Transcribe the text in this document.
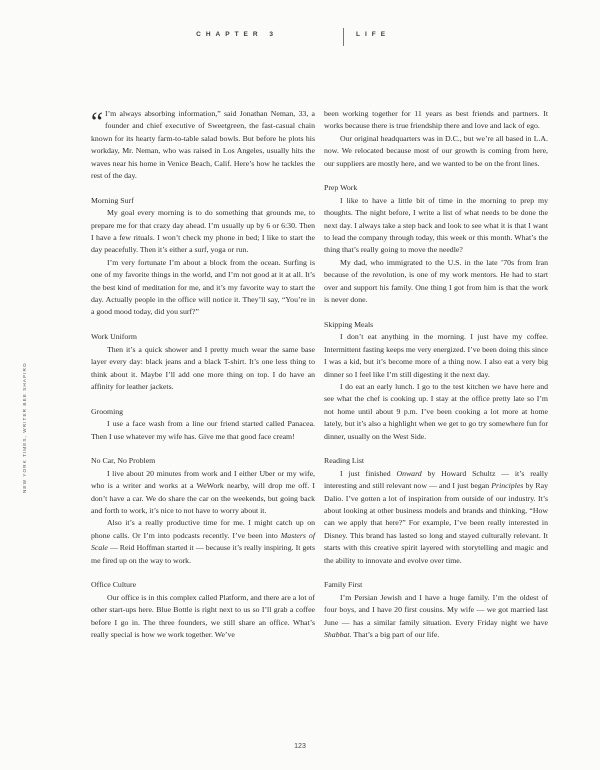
CHAPTER 3	LIFE
NEW YORK TIMES, WRITER BEE SHAPIRO

“ I’m always absorbing information,” said Jonathan Neman, 33, a founder and chief executive of Sweetgreen, the fast-casual chain known for its hearty farm-to-table salad bowls. But before he plots his workday, Mr. Neman, who was raised in Los Angeles, usually hits the waves near his home in Venice Beach, Calif. Here’s how he tackles the rest of the day.

Morning Surf

My goal every morning is to do something that grounds me, to prepare me for that crazy day ahead. I’m usually up by 6 or 6:30. Then I have a few rituals. I won’t check my phone in bed; I like to start the day peacefully. Then it’s either a surf, yoga or run.

I’m very fortunate I’m about a block from the ocean. Surfing is one of my favorite things in the world, and I’m not good at it at all. It’s the best kind of meditation for me, and it’s my favorite way to start the day. Actually people in the office will notice it. They’ll say, “You’re in a good mood today, did you surf?”

Work Uniform

Then it’s a quick shower and I pretty much wear the same base layer every day: black jeans and a black T-shirt. It’s one less thing to think about it. Maybe I’ll add one more thing on top. I do have an affinity for leather jackets.

Grooming

I use a face wash from a line our friend started called Panacea. Then I use whatever my wife has. Give me that good face cream!

No Car, No Problem

I live about 20 minutes from work and I either Uber or my wife, who is a writer and works at a WeWork nearby, will drop me off. I don’t have a car. We do share the car on the weekends, but going back and forth to work, it’s nice to not have to worry about it.

Also it’s a really productive time for me. I might catch up on phone calls. Or I’m into podcasts recently. I’ve been into Masters of Scale — Reid Hoffman started it — because it’s really inspiring. It gets me fired up on the way to work.

Office Culture

Our office is in this complex called Platform, and there are a lot of other start-ups here. Blue Bottle is right next to us so I’ll grab a coffee before I go in. The three founders, we still share an office. What’s really special is how we work together. We’ve

been working together for 11 years as best friends and partners. It works because there is true friendship there and love and lack of ego.

Our original headquarters was in D.C., but we’re all based in L.A. now. We relocated because most of our growth is coming from here, our suppliers are mostly here, and we wanted to be on the front lines.

Prep Work

I like to have a little bit of time in the morning to prep my thoughts. The night before, I write a list of what needs to be done the next day. I always take a step back and look to see what it is that I want to lead the company through today, this week or this month. What’s the thing that’s really going to move the needle?

My dad, who immigrated to the U.S. in the late ’70s from Iran because of the revolution, is one of my work mentors. He had to start over and support his family. One thing I got from him is that the work is never done.

Skipping Meals

I don’t eat anything in the morning. I just have my coffee. Intermittent fasting keeps me very energized. I’ve been doing this since I was a kid, but it’s become more of a thing now. I also eat a very big dinner so I feel like I’m still digesting it the next day.

I do eat an early lunch. I go to the test kitchen we have here and see what the chef is cooking up. I stay at the office pretty late so I’m not home until about 9 p.m. I’ve been cooking a lot more at home lately, but it’s also a highlight when we get to go try somewhere fun for dinner, usually on the West Side.

Reading List

I just finished Onward by Howard Schultz — it’s really interesting and still relevant now — and I just began Principles by Ray Dalio. I’ve gotten a lot of inspiration from outside of our industry. It’s about looking at other business models and brands and thinking, “How can we apply that here?” For example, I’ve been really interested in Disney. This brand has lasted so long and stayed culturally relevant. It starts with this creative spirit layered with storytelling and magic and the ability to innovate and evolve over time.

Family First

I’m Persian Jewish and I have a huge family. I’m the oldest of four boys, and I have 20 first cousins. My wife — we got married last June — has a similar family situation. Every Friday night we have Shabbat. That’s a big part of our life.

123
